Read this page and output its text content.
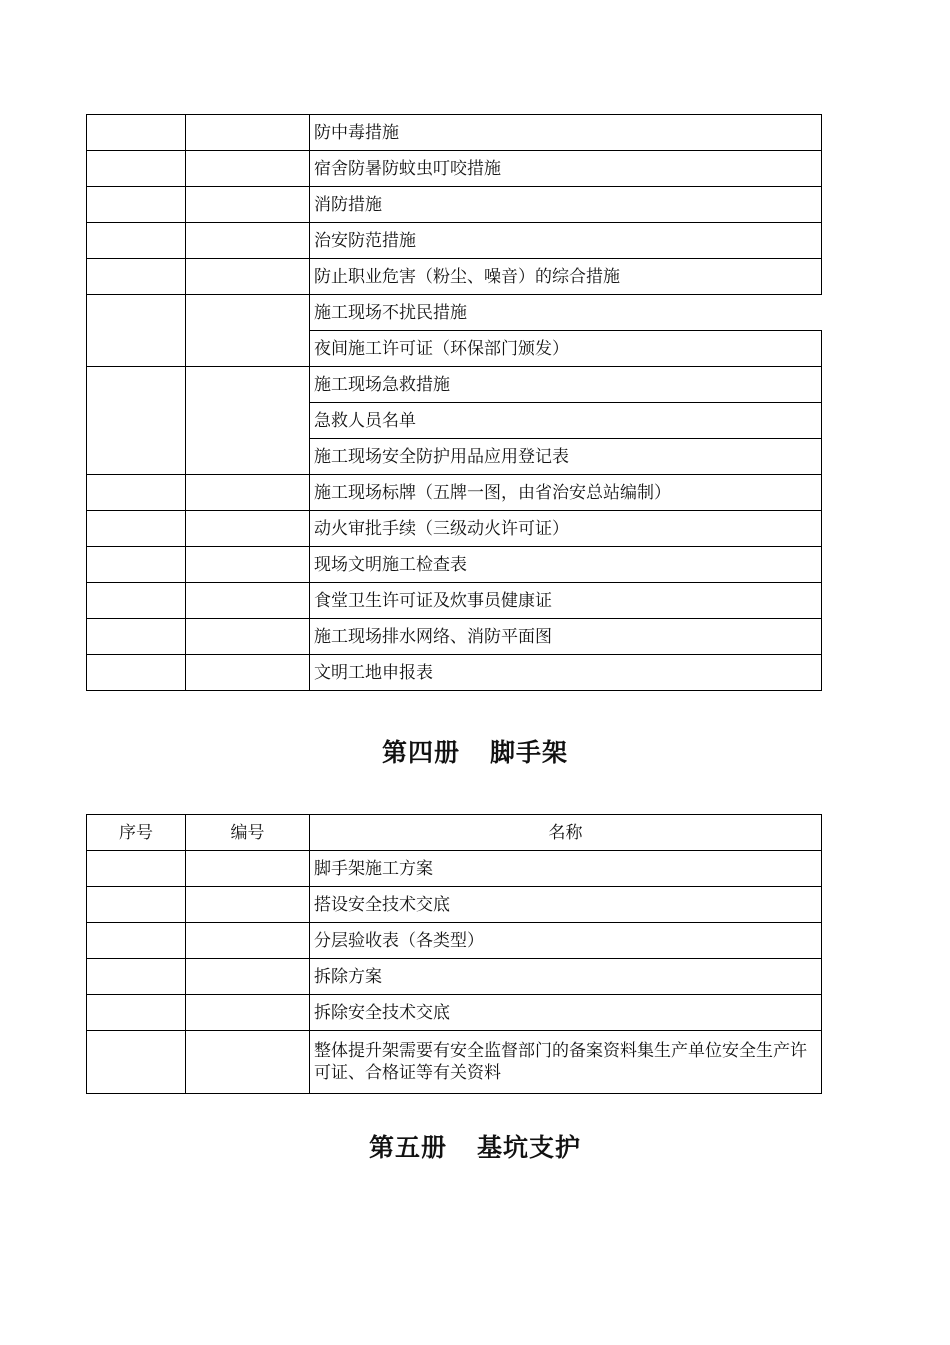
		防中毒措施
		宿舍防暑防蚊虫叮咬措施
		消防措施
		治安防范措施
		防止职业危害（粉尘、噪音）的综合措施
		施工现场不扰民措施
		夜间施工许可证（环保部门颁发）
		施工现场急救措施
		急救人员名单
		施工现场安全防护用品应用登记表
		施工现场标牌（五牌一图，由省治安总站编制）
		动火审批手续（三级动火许可证）
		现场文明施工检查表
		食堂卫生许可证及炊事员健康证
		施工现场排水网络、消防平面图
		文明工地申报表
第四册 脚手架
序号	编号	名称
		脚手架施工方案
		搭设安全技术交底
		分层验收表（各类型）
		拆除方案
		拆除安全技术交底
		整体提升架需要有安全监督部门的备案资料集生产单位安全生产许可证、合格证等有关资料
第五册 基坑支护
